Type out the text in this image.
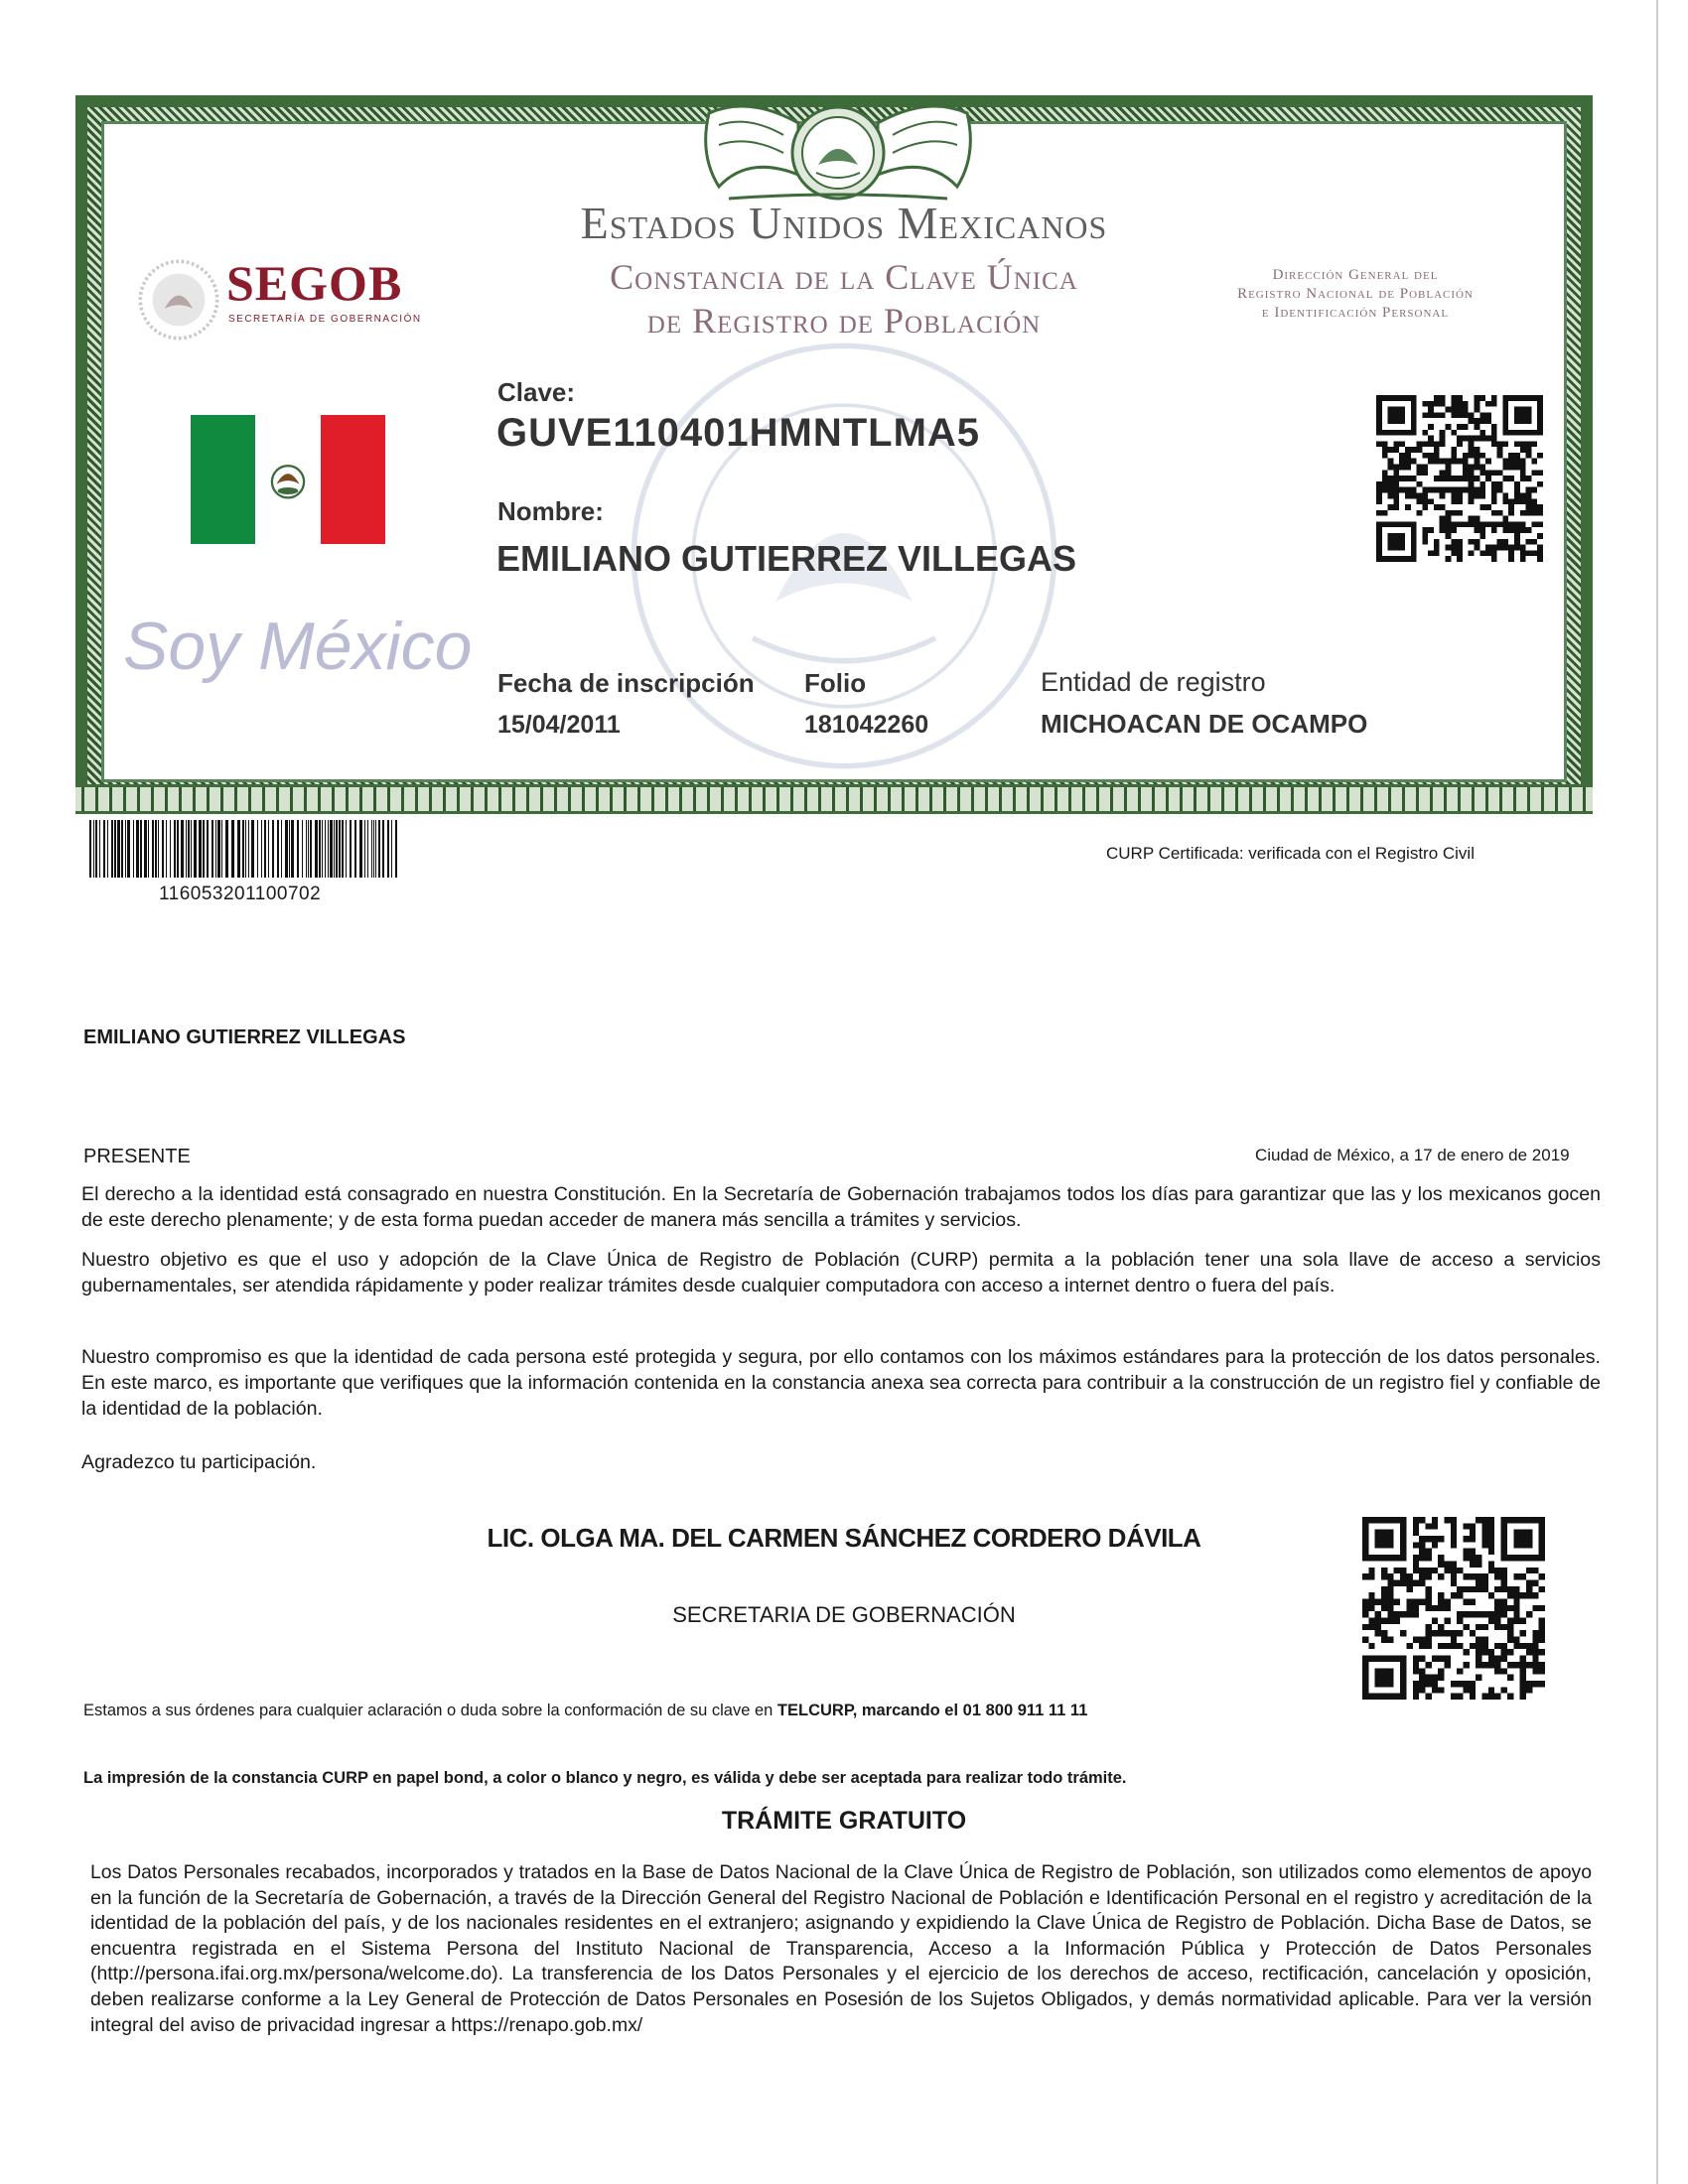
Estados Unidos Mexicanos
Constancia de la Clave Única
de Registro de Población
SEGOB
SECRETARÍA DE GOBERNACIÓN
Dirección General del
Registro Nacional de Población
e Identificación Personal
Soy México
Clave:
GUVE110401HMNTLMA5
Nombre:
EMILIANO GUTIERREZ VILLEGAS
Fecha de inscripción
15/04/2011
Folio
181042260
Entidad de registro
MICHOACAN DE OCAMPO
116053201100702
CURP Certificada: verificada con el Registro Civil
EMILIANO GUTIERREZ VILLEGAS
PRESENTE	Ciudad de México, a 17 de enero de 2019

El derecho a la identidad está consagrado en nuestra Constitución. En la Secretaría de Gobernación trabajamos todos los días para garantizar que las y los mexicanos gocen de este derecho plenamente; y de esta forma puedan acceder de manera más sencilla a trámites y servicios.

Nuestro objetivo es que el uso y adopción de la Clave Única de Registro de Población (CURP) permita a la población tener una sola llave de acceso a servicios gubernamentales, ser atendida rápidamente y poder realizar trámites desde cualquier computadora con acceso a internet dentro o fuera del país.

Nuestro compromiso es que la identidad de cada persona esté protegida y segura, por ello contamos con los máximos estándares para la protección de los datos personales. En este marco, es importante que verifiques que la información contenida en la constancia anexa sea correcta para contribuir a la construcción de un registro fiel y confiable de la identidad de la población.

Agradezco tu participación.

LIC. OLGA MA. DEL CARMEN SÁNCHEZ CORDERO DÁVILA
SECRETARIA DE GOBERNACIÓN
Estamos a sus órdenes para cualquier aclaración o duda sobre la conformación de su clave en TELCURP, marcando el 01 800 911 11 11
La impresión de la constancia CURP en papel bond, a color o blanco y negro, es válida y debe ser aceptada para realizar todo trámite.
TRÁMITE GRATUITO

Los Datos Personales recabados, incorporados y tratados en la Base de Datos Nacional de la Clave Única de Registro de Población, son utilizados como elementos de apoyo en la función de la Secretaría de Gobernación, a través de la Dirección General del Registro Nacional de Población e Identificación Personal en el registro y acreditación de la identidad de la población del país, y de los nacionales residentes en el extranjero; asignando y expidiendo la Clave Única de Registro de Población. Dicha Base de Datos, se encuentra registrada en el Sistema Persona del Instituto Nacional de Transparencia, Acceso a la Información Pública y Protección de Datos Personales (http://persona.ifai.org.mx/persona/welcome.do). La transferencia de los Datos Personales y el ejercicio de los derechos de acceso, rectificación, cancelación y oposición, deben realizarse conforme a la Ley General de Protección de Datos Personales en Posesión de los Sujetos Obligados, y demás normatividad aplicable. Para ver la versión integral del aviso de privacidad ingresar a https://renapo.gob.mx/
